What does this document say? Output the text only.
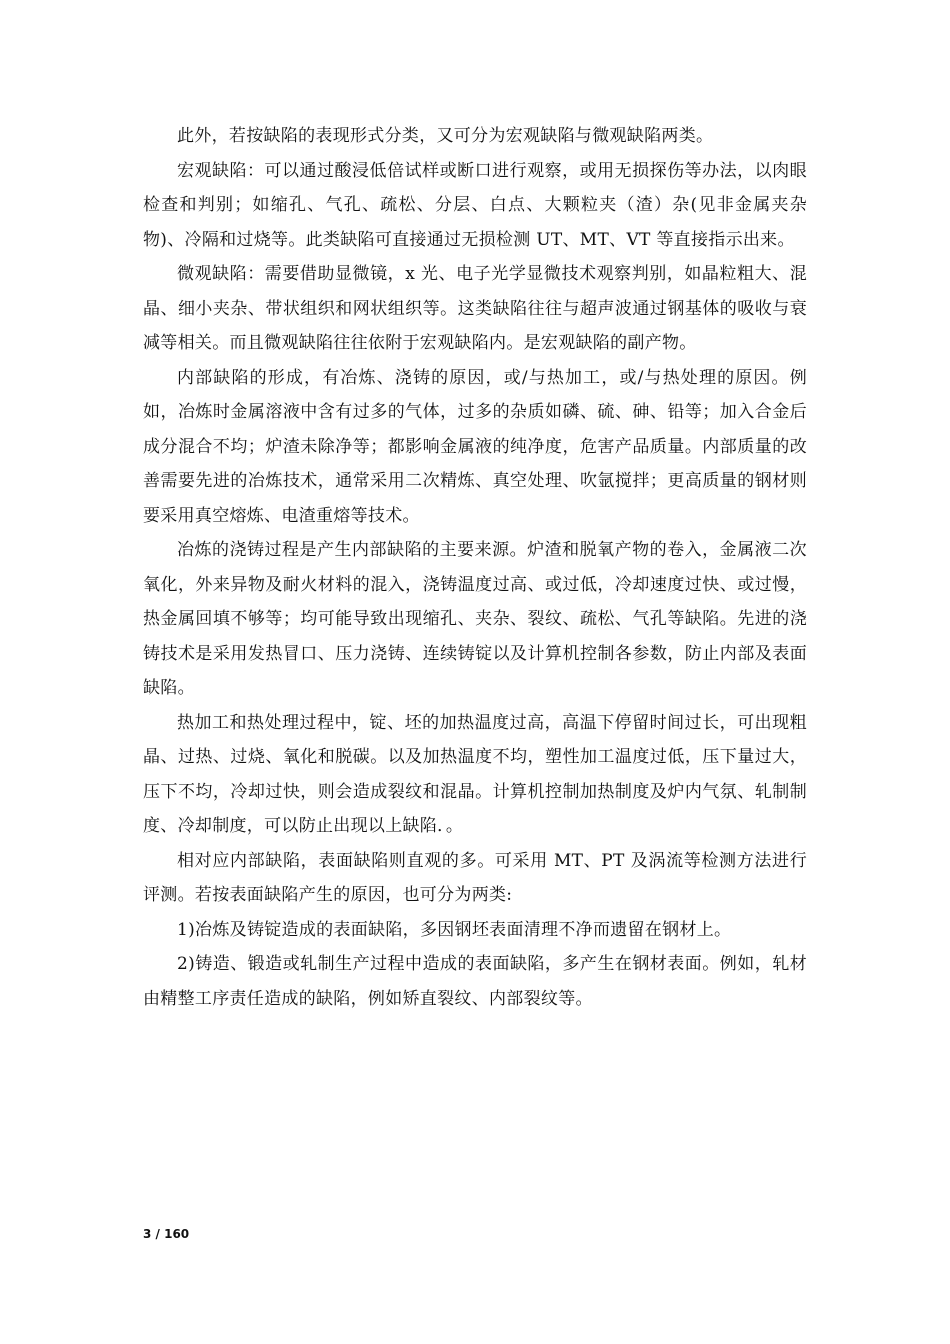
此外，若按缺陷的表现形式分类，又可分为宏观缺陷与微观缺陷两类。

宏观缺陷：可以通过酸浸低倍试样或断口进行观察，或用无损探伤等办法，以肉眼检查和判别；如缩孔、气孔、疏松、分层、白点、大颗粒夹（渣）杂(见非金属夹杂物)、冷隔和过烧等。此类缺陷可直接通过无损检测 UT、MT、VT 等直接指示出来。

微观缺陷：需要借助显微镜，x 光、电子光学显微技术观察判别，如晶粒粗大、混晶、细小夹杂、带状组织和网状组织等。这类缺陷往往与超声波通过钢基体的吸收与衰减等相关。而且微观缺陷往往依附于宏观缺陷内。是宏观缺陷的副产物。

内部缺陷的形成，有冶炼、浇铸的原因，或/与热加工，或/与热处理的原因。例如，冶炼时金属溶液中含有过多的气体，过多的杂质如磷、硫、砷、铅等；加入合金后成分混合不均；炉渣未除净等；都影响金属液的纯净度，危害产品质量。内部质量的改善需要先进的冶炼技术，通常采用二次精炼、真空处理、吹氩搅拌；更高质量的钢材则要采用真空熔炼、电渣重熔等技术。

冶炼的浇铸过程是产生内部缺陷的主要来源。炉渣和脱氧产物的卷入，金属液二次氧化，外来异物及耐火材料的混入，浇铸温度过高、或过低，冷却速度过快、或过慢，热金属回填不够等；均可能导致出现缩孔、夹杂、裂纹、疏松、气孔等缺陷。先进的浇铸技术是采用发热冒口、压力浇铸、连续铸锭以及计算机控制各参数，防止内部及表面缺陷。

热加工和热处理过程中，锭、坯的加热温度过高，高温下停留时间过长，可出现粗晶、过热、过烧、氧化和脱碳。以及加热温度不均，塑性加工温度过低，压下量过大，压下不均，冷却过快，则会造成裂纹和混晶。计算机控制加热制度及炉内气氛、轧制制度、冷却制度，可以防止出现以上缺陷．。

相对应内部缺陷，表面缺陷则直观的多。可采用 MT、PT 及涡流等检测方法进行评测。若按表面缺陷产生的原因，也可分为两类:

1)冶炼及铸锭造成的表面缺陷，多因钢坯表面清理不净而遗留在钢材上。

2)铸造、锻造或轧制生产过程中造成的表面缺陷，多产生在钢材表面。例如，轧材由精整工序责任造成的缺陷，例如矫直裂纹、内部裂纹等。

3 / 160
